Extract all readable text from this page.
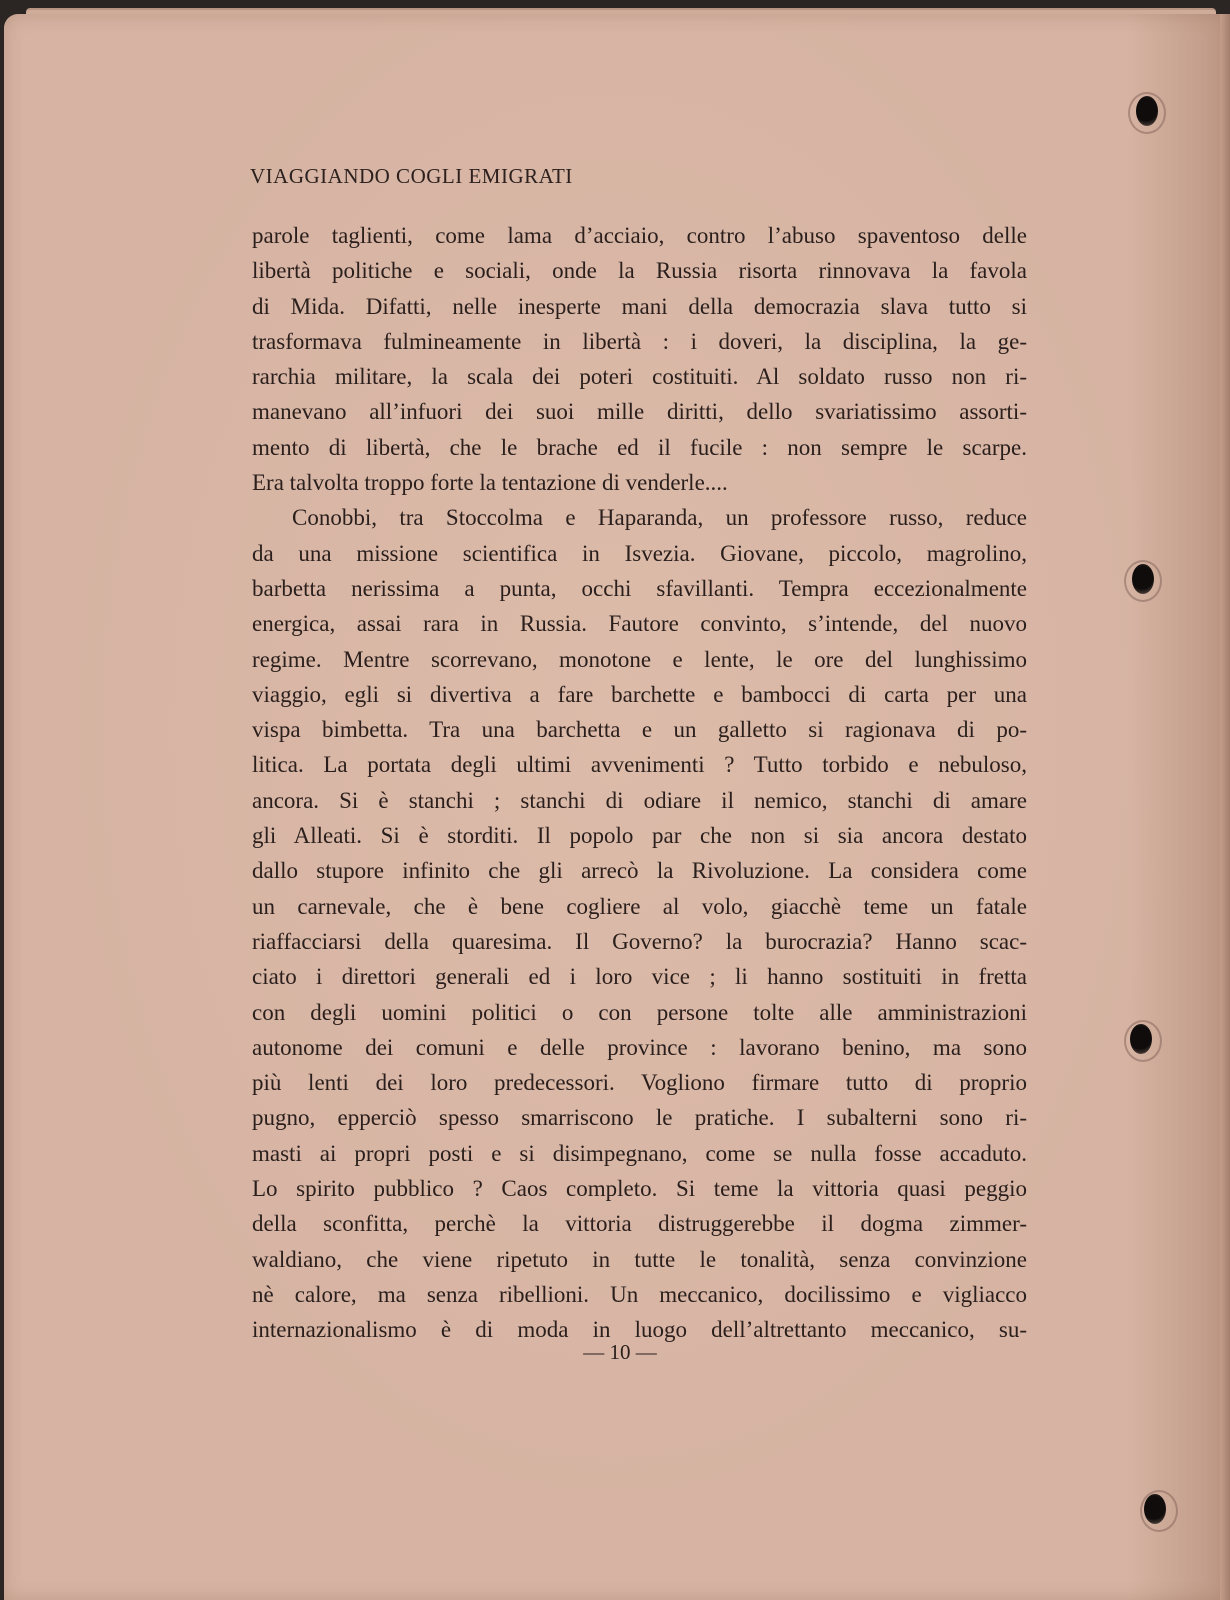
VIAGGIANDO COGLI EMIGRATI
parole taglienti, come lama d’acciaio, contro l’abuso spaventoso delle
libertà politiche e sociali, onde la Russia risorta rinnovava la favola
di Mida. Difatti, nelle inesperte mani della democrazia slava tutto si
trasformava fulmineamente in libertà : i doveri, la disciplina, la ge-
rarchia militare, la scala dei poteri costituiti. Al soldato russo non ri-
manevano all’infuori dei suoi mille diritti, dello svariatissimo assorti-
mento di libertà, che le brache ed il fucile : non sempre le scarpe.
Era talvolta troppo forte la tentazione di venderle....
Conobbi, tra Stoccolma e Haparanda, un professore russo, reduce
da una missione scientifica in Isvezia. Giovane, piccolo, magrolino,
barbetta nerissima a punta, occhi sfavillanti. Tempra eccezionalmente
energica, assai rara in Russia. Fautore convinto, s’intende, del nuovo
regime. Mentre scorrevano, monotone e lente, le ore del lunghissimo
viaggio, egli si divertiva a fare barchette e bambocci di carta per una
vispa bimbetta. Tra una barchetta e un galletto si ragionava di po-
litica. La portata degli ultimi avvenimenti ? Tutto torbido e nebuloso,
ancora. Si è stanchi ; stanchi di odiare il nemico, stanchi di amare
gli Alleati. Si è storditi. Il popolo par che non si sia ancora destato
dallo stupore infinito che gli arrecò la Rivoluzione. La considera come
un carnevale, che è bene cogliere al volo, giacchè teme un fatale
riaffacciarsi della quaresima. Il Governo? la burocrazia? Hanno scac-
ciato i direttori generali ed i loro vice ; li hanno sostituiti in fretta
con degli uomini politici o con persone tolte alle amministrazioni
autonome dei comuni e delle province : lavorano benino, ma sono
più lenti dei loro predecessori. Vogliono firmare tutto di proprio
pugno, epperciò spesso smarriscono le pratiche. I subalterni sono ri-
masti ai propri posti e si disimpegnano, come se nulla fosse accaduto.
Lo spirito pubblico ? Caos completo. Si teme la vittoria quasi peggio
della sconfitta, perchè la vittoria distruggerebbe il dogma zimmer-
waldiano, che viene ripetuto in tutte le tonalità, senza convinzione
nè calore, ma senza ribellioni. Un meccanico, docilissimo e vigliacco
internazionalismo è di moda in luogo dell’altrettanto meccanico, su-
— 10 —
